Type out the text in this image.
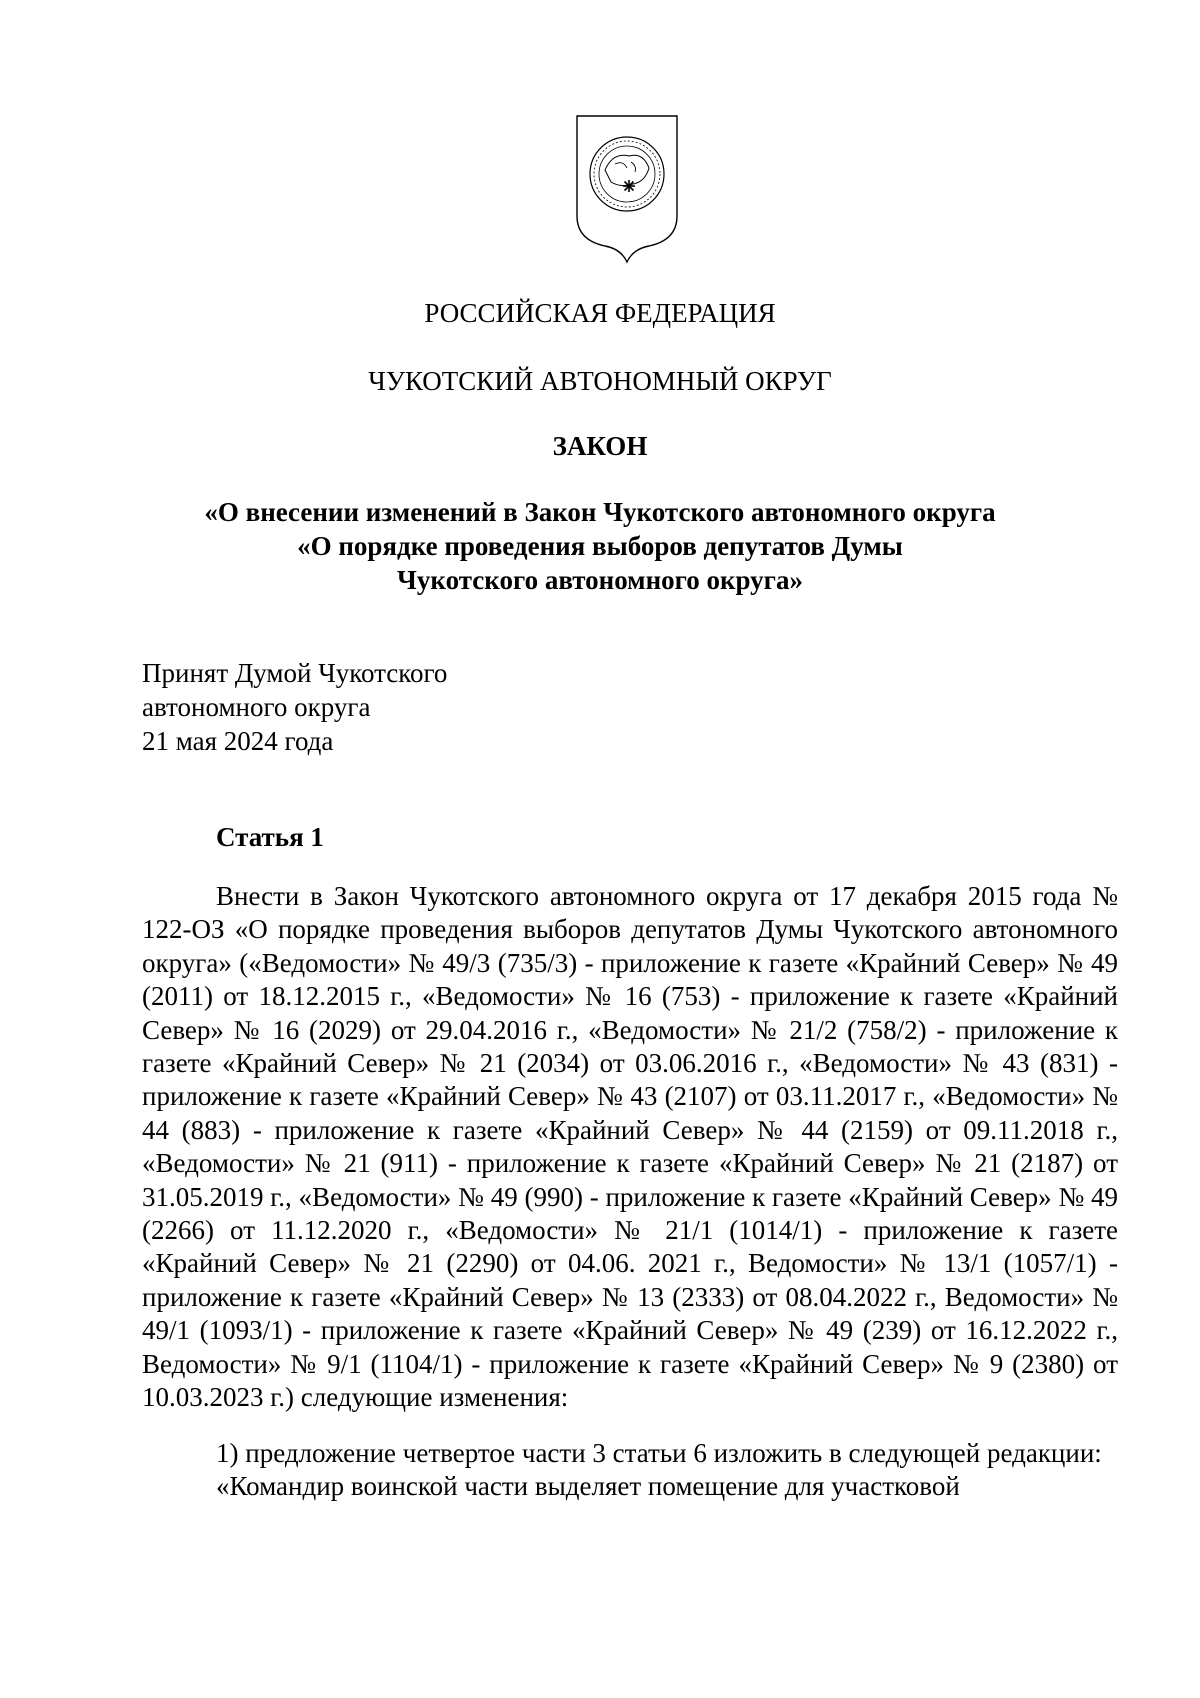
РОССИЙСКАЯ ФЕДЕРАЦИЯ
ЧУКОТСКИЙ АВТОНОМНЫЙ ОКРУГ
ЗАКОН
«О внесении изменений в Закон Чукотского автономного округа
«О порядке проведения выборов депутатов Думы
Чукотского автономного округа»
Принят Думой Чукотского
автономного округа
21 мая 2024 года
Статья 1

Внести в Закон Чукотского автономного округа от 17 декабря 2015 года № 122-ОЗ «О порядке проведения выборов депутатов Думы Чукотского автономного округа» («Ведомости» № 49/3 (735/3) - приложение к газете «Крайний Север» № 49 (2011) от 18.12.2015 г., «Ведомости» № 16 (753) - приложение к газете «Крайний Север» № 16 (2029) от 29.04.2016 г., «Ведомости» № 21/2 (758/2) - приложение к газете «Крайний Север» № 21 (2034) от 03.06.2016 г., «Ведомости» № 43 (831) - приложение к газете «Крайний Север» № 43 (2107) от 03.11.2017 г., «Ведомости» № 44 (883) - приложение к газете «Крайний Север» № 44 (2159) от 09.11.2018 г., «Ведомости» № 21 (911) - приложение к газете «Крайний Север» № 21 (2187) от 31.05.2019 г., «Ведомости» № 49 (990) - приложение к газете «Крайний Север» № 49 (2266) от 11.12.2020 г., «Ведомости» № 21/1 (1014/1) - приложение к газете «Крайний Север» № 21 (2290) от 04.06. 2021 г., Ведомости» № 13/1 (1057/1) - приложение к газете «Крайний Север» № 13 (2333) от 08.04.2022 г., Ведомости» № 49/1 (1093/1) - приложение к газете «Крайний Север» № 49 (239) от 16.12.2022 г., Ведомости» № 9/1 (1104/1) - приложение к газете «Крайний Север» № 9 (2380) от 10.03.2023 г.) следующие изменения:

1) предложение четвертое части 3 статьи 6 изложить в следующей редакции:

«Командир воинской части выделяет помещение для участковой
